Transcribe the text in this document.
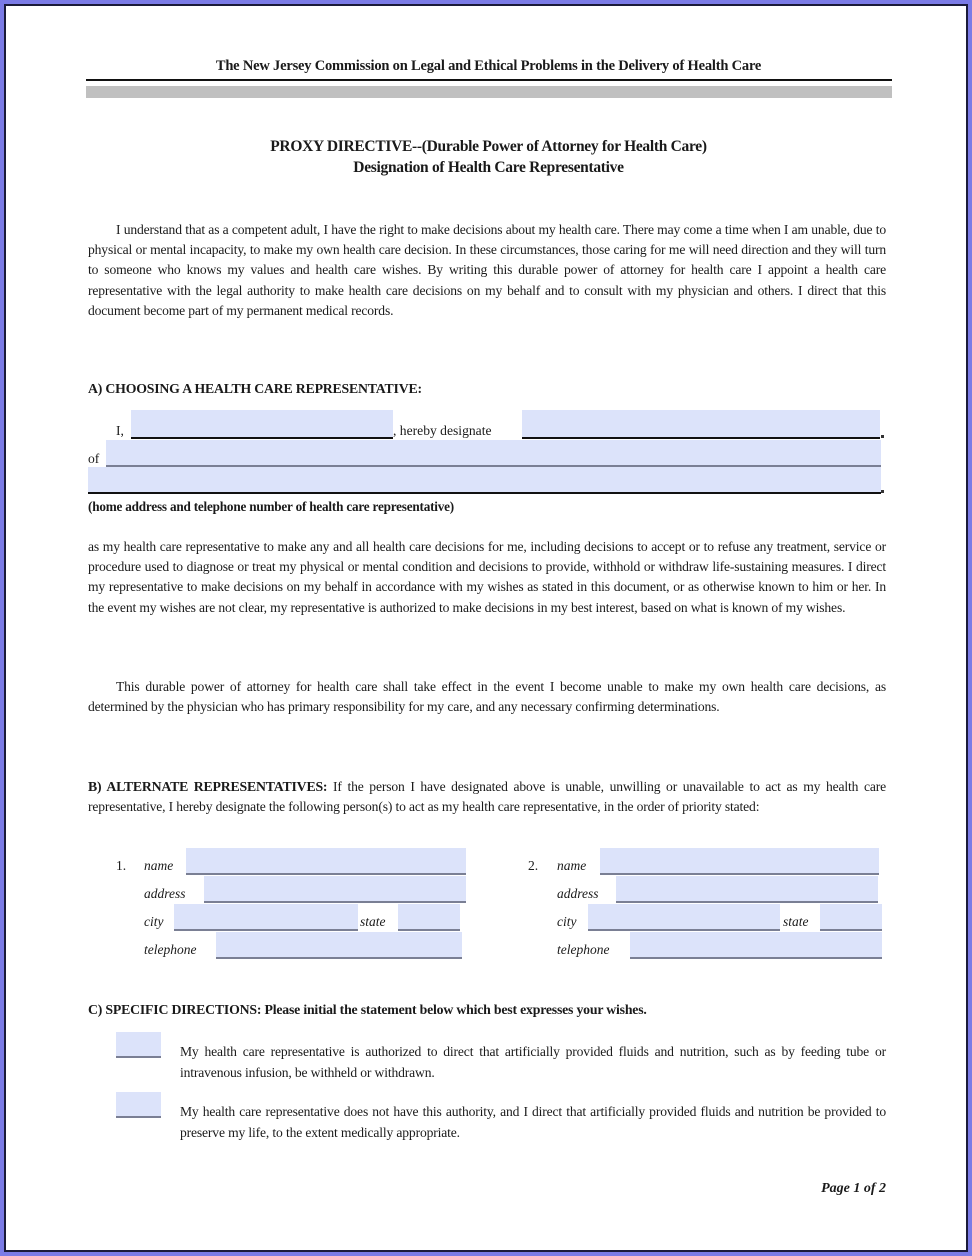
The New Jersey Commission on Legal and Ethical Problems in the Delivery of Health Care
PROXY DIRECTIVE--(Durable Power of Attorney for Health Care)
Designation of Health Care Representative
I understand that as a competent adult, I have the right to make decisions about my health care. There may come a time when I am unable, due to physical or mental incapacity, to make my own health care decision. In these circumstances, those caring for me will need direction and they will turn to someone who knows my values and health care wishes. By writing this durable power of attorney for health care I appoint a health care representative with the legal authority to make health care decisions on my behalf and to consult with my physician and others. I direct that this document become part of my permanent medical records.
A) CHOOSING A HEALTH CARE REPRESENTATIVE:
I,	, hereby designate
of
(home address and telephone number of health care representative)
as my health care representative to make any and all health care decisions for me, including decisions to accept or to refuse any treatment, service or procedure used to diagnose or treat my physical or mental condition and decisions to provide, withhold or withdraw life-sustaining measures. I direct my representative to make decisions on my behalf in accordance with my wishes as stated in this document, or as otherwise known to him or her. In the event my wishes are not clear, my representative is authorized to make decisions in my best interest, based on what is known of my wishes.
This durable power of attorney for health care shall take effect in the event I become unable to make my own health care decisions, as determined by the physician who has primary responsibility for my care, and any necessary confirming determinations.
B) ALTERNATE REPRESENTATIVES: If the person I have designated above is unable, unwilling or unavailable to act as my health care representative, I hereby designate the following person(s) to act as my health care representative, in the order of priority stated:
1. name
address
city	state
telephone
2. name
address
city	state
telephone
C) SPECIFIC DIRECTIONS: Please initial the statement below which best expresses your wishes.
My health care representative is authorized to direct that artificially provided fluids and nutrition, such as by feeding tube or intravenous infusion, be withheld or withdrawn.
My health care representative does not have this authority, and I direct that artificially provided fluids and nutrition be provided to preserve my life, to the extent medically appropriate.
Page 1 of 2
